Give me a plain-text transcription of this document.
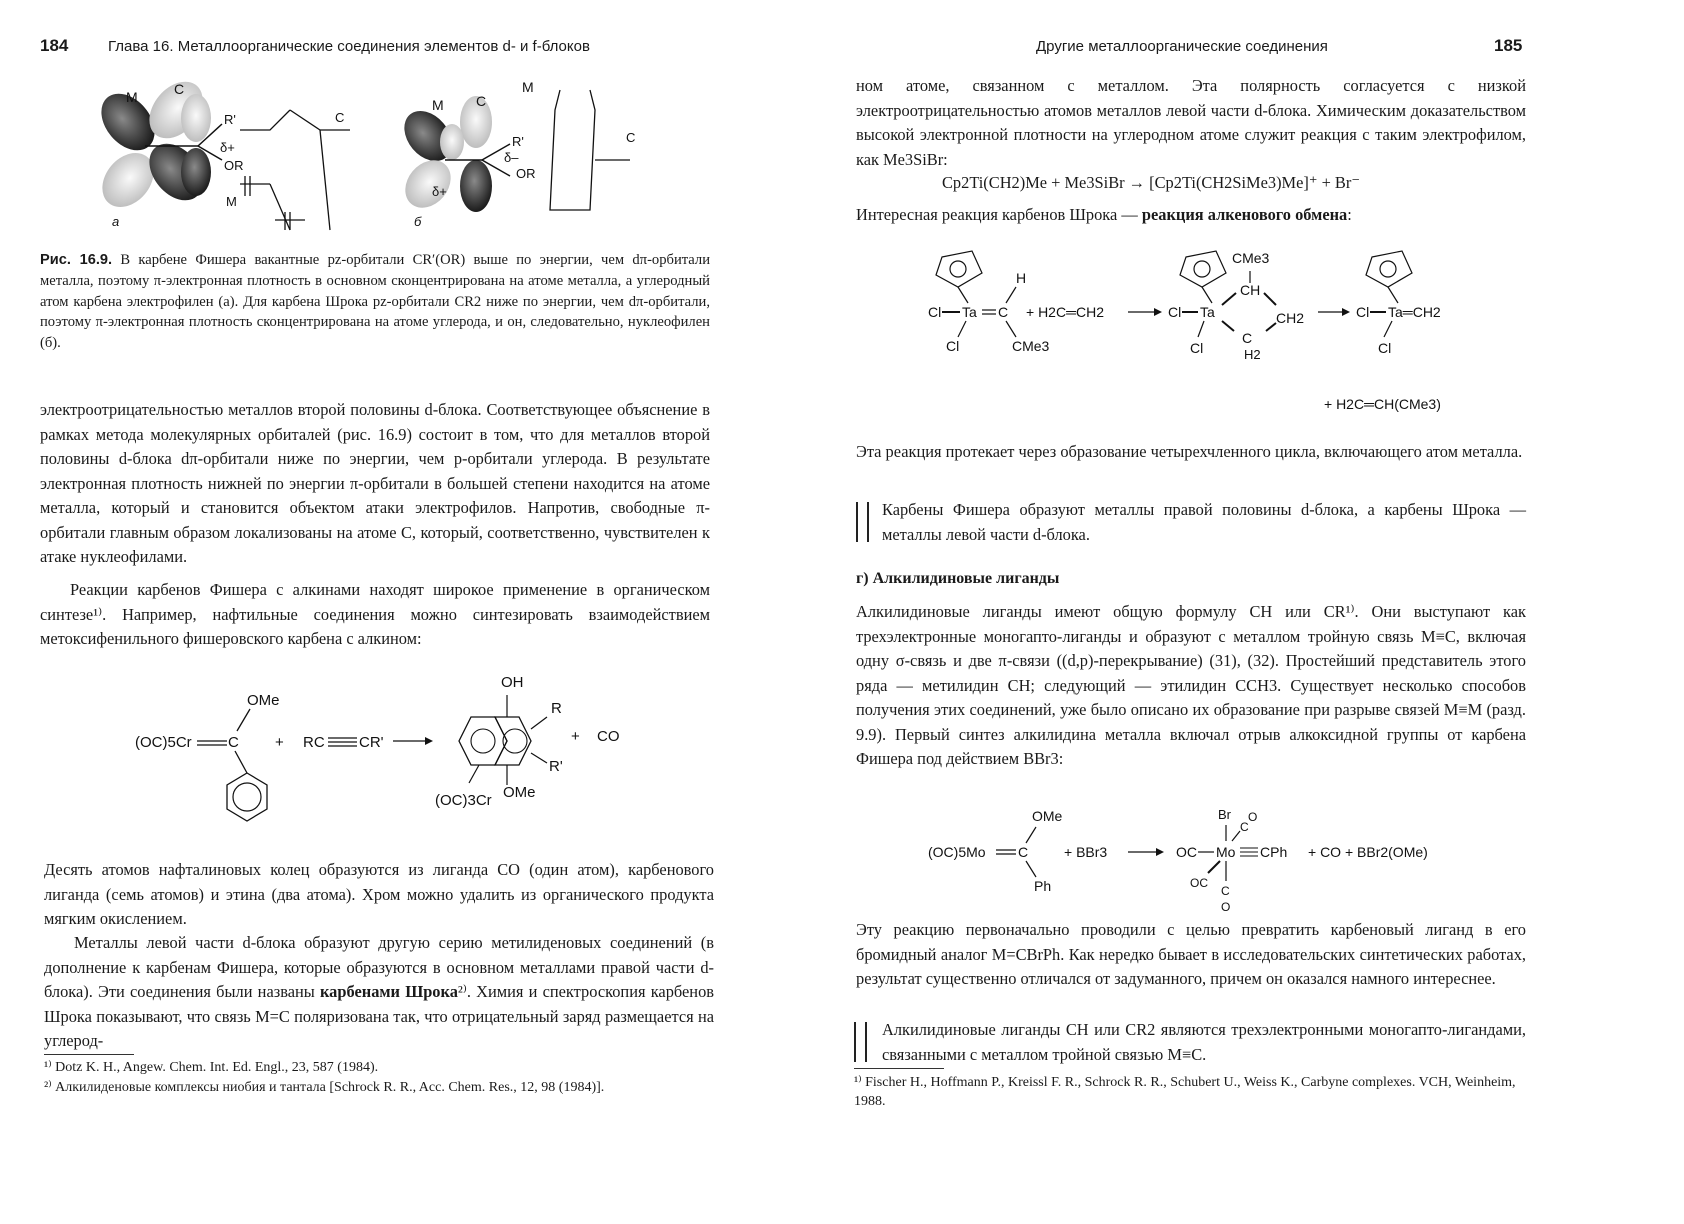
184	Глава 16. Металлоорганические соединения элементов d- и f-блоков
M	C
R'
δ+
OR
M
C
M C
M
R'
δ–
OR
δ+
C
а	б

Рис. 16.9. В карбене Фишера вакантные pz-орбитали CR′(OR) выше по энергии, чем dπ-орбитали металла, поэтому π-электронная плотность в основном сконцентрирована на атоме металла, а углеродный атом карбена электрофилен (а). Для карбена Шрока pz-орбитали CR2 ниже по энергии, чем dπ-орбитали, поэтому π-электронная плотность сконцентрирована на атоме углерода, и он, следовательно, нуклеофилен (б).

электроотрицательностью металлов второй половины d-блока. Соответствующее объяснение в рамках метода молекулярных орбиталей (рис. 16.9) состоит в том, что для металлов второй половины d-блока dπ-орбитали ниже по энергии, чем p-орбитали углерода. В результате электронная плотность нижней по энергии π-орбитали в большей степени находится на атоме металла, который и становится объектом атаки электрофилов. Напротив, свободные π-орбитали главным образом локализованы на атоме С, который, соответственно, чувствителен к атаке нуклеофилами.

Реакции карбенов Фишера с алкинами находят широкое применение в органическом синтезе¹⁾. Например, нафтильные соединения можно синтезировать взаимодействием метоксифенильного фишеровского карбена с алкином:

(OC)5Cr C
OMe
+ RC CR'
OH
R
R'
OMe
(OC)3Cr
+ CO

Десять атомов нафталиновых колец образуются из лиганда CO (один атом), карбенового лиганда (семь атомов) и этина (два атома). Хром можно удалить из органического продукта мягким окислением.

Металлы левой части d-блока образуют другую серию метилиденовых соединений (в дополнение к карбенам Фишера, которые образуются в основном металлами правой части d-блока). Эти соединения были названы карбенами Шрока²⁾. Химия и спектроскопия карбенов Шрока показывают, что связь M=C поляризована так, что отрицательный заряд размещается на углерод-

¹⁾ Dotz K. H., Angew. Chem. Int. Ed. Engl., 23, 587 (1984).

²⁾ Алкилиденовые комплексы ниобия и тантала [Schrock R. R., Acc. Chem. Res., 12, 98 (1984)].

Другие металлоорганические соединения	185

ном атоме, связанном с металлом. Эта полярность согласуется с низкой электроотрицательностью атомов металлов левой части d-блока. Химическим доказательством высокой электронной плотности на углеродном атоме служит реакция с таким электрофилом, как Me3SiBr:

Cp2Ti(CH2)Me + Me3SiBr → [Cp2Ti(CH2SiMe3)Me]⁺ + Br⁻

Интересная реакция карбенов Шрока — реакция алкенового обмена:

Cl Ta C
H
CMe3
Cl
+ H2C═CH2	Cl Ta
CH
CMe3
CH2
C
H2
Cl
Cl Ta═CH2
Cl
+ H2C═CH(CMe3)

Эта реакция протекает через образование четырехчленного цикла, включающего атом металла.

Карбены Фишера образуют металлы правой половины d-блока, а карбены Шрока — металлы левой части d-блока.

г) Алкилидиновые лиганды

Алкилидиновые лиганды имеют общую формулу CH или CR¹⁾. Они выступают как трехэлектронные моногапто-лиганды и образуют с металлом тройную связь M≡C, включая одну σ-связь и две π-связи ((d,p)-перекрывание) (31), (32). Простейший представитель этого ряда — метилидин CH; следующий — этилидин CCH3. Существует несколько способов получения этих соединений, уже было описано их образование при разрыве связей M≡M (разд. 9.9). Первый синтез алкилидина металла включал отрыв алкоксидной группы от карбена Фишера под действием BBr3:

(OC)5Mo C
OMe
Ph
+ BBr3	OC Mo CPh
Br
C
O
C
O
OC
+ CO + BBr2(OMe)

Эту реакцию первоначально проводили с целью превратить карбеновый лиганд в его бромидный аналог M=CBrPh. Как нередко бывает в исследовательских синтетических работах, результат существенно отличался от задуманного, причем он оказался намного интереснее.

Алкилидиновые лиганды CH или CR2 являются трехэлектронными моногапто-лигандами, связанными с металлом тройной связью M≡C.

¹⁾ Fischer H., Hoffmann P., Kreissl F. R., Schrock R. R., Schubert U., Weiss K., Carbyne complexes. VCH, Weinheim, 1988.
